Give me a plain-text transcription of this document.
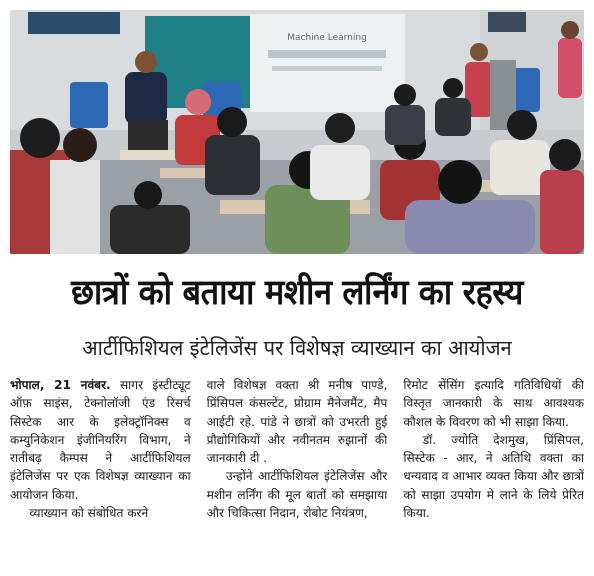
Machine Learning
छात्रों को बताया मशीन लर्निंग का रहस्य
आर्टीफिशियल इंटेलिजेंस पर विशेषज्ञ व्याख्यान का आयोजन

भोपाल, 21 नवंबर. सागर इंस्टीट्यूट ऑफ़ साइंस, टेक्नोलॉजी एंड रिसर्च सिस्टेक आर के इलेक्ट्रॉनिक्स व कम्युनिकेशन इंजीनियरिंग विभाग, ने रातीबढ़ कैम्पस ने आर्टीफिशियल इंटेलिजेंस पर एक विशेषज्ञ व्याख्यान का आयोजन किया.

व्याख्यान को संबोधित करने

वाले विशेषज्ञ वक्ता श्री मनीष पाण्डे, प्रिंसिपल कंसल्टेंट, प्रोग्राम मैनेजमैंट, मैप आईटी रहे. पांडे ने छात्रों को उभरती हुई प्रौद्योगिकियों और नवीनतम रुझानों की जानकारी दी .

उन्होंने आर्टीफिशियल इंटेलिजेंस और मशीन लर्निंग की मूल बातों को समझाया और चिकित्सा निदान, रोबोट नियंत्रण,

रिमोट सेंसिंग इत्यादि गतिविधियों की विस्तृत जानकारी के साथ आवश्यक कौशल के विवरण को भी साझा किया.

डॉ. ज्योति देशमुख, प्रिंसिपल, सिस्टेक - आर, ने अतिथि वक्ता का धन्यवाद व आभार व्यक्त किया और छात्रों को साझा उपयोग मे लाने के लिये प्रेरित किया.
